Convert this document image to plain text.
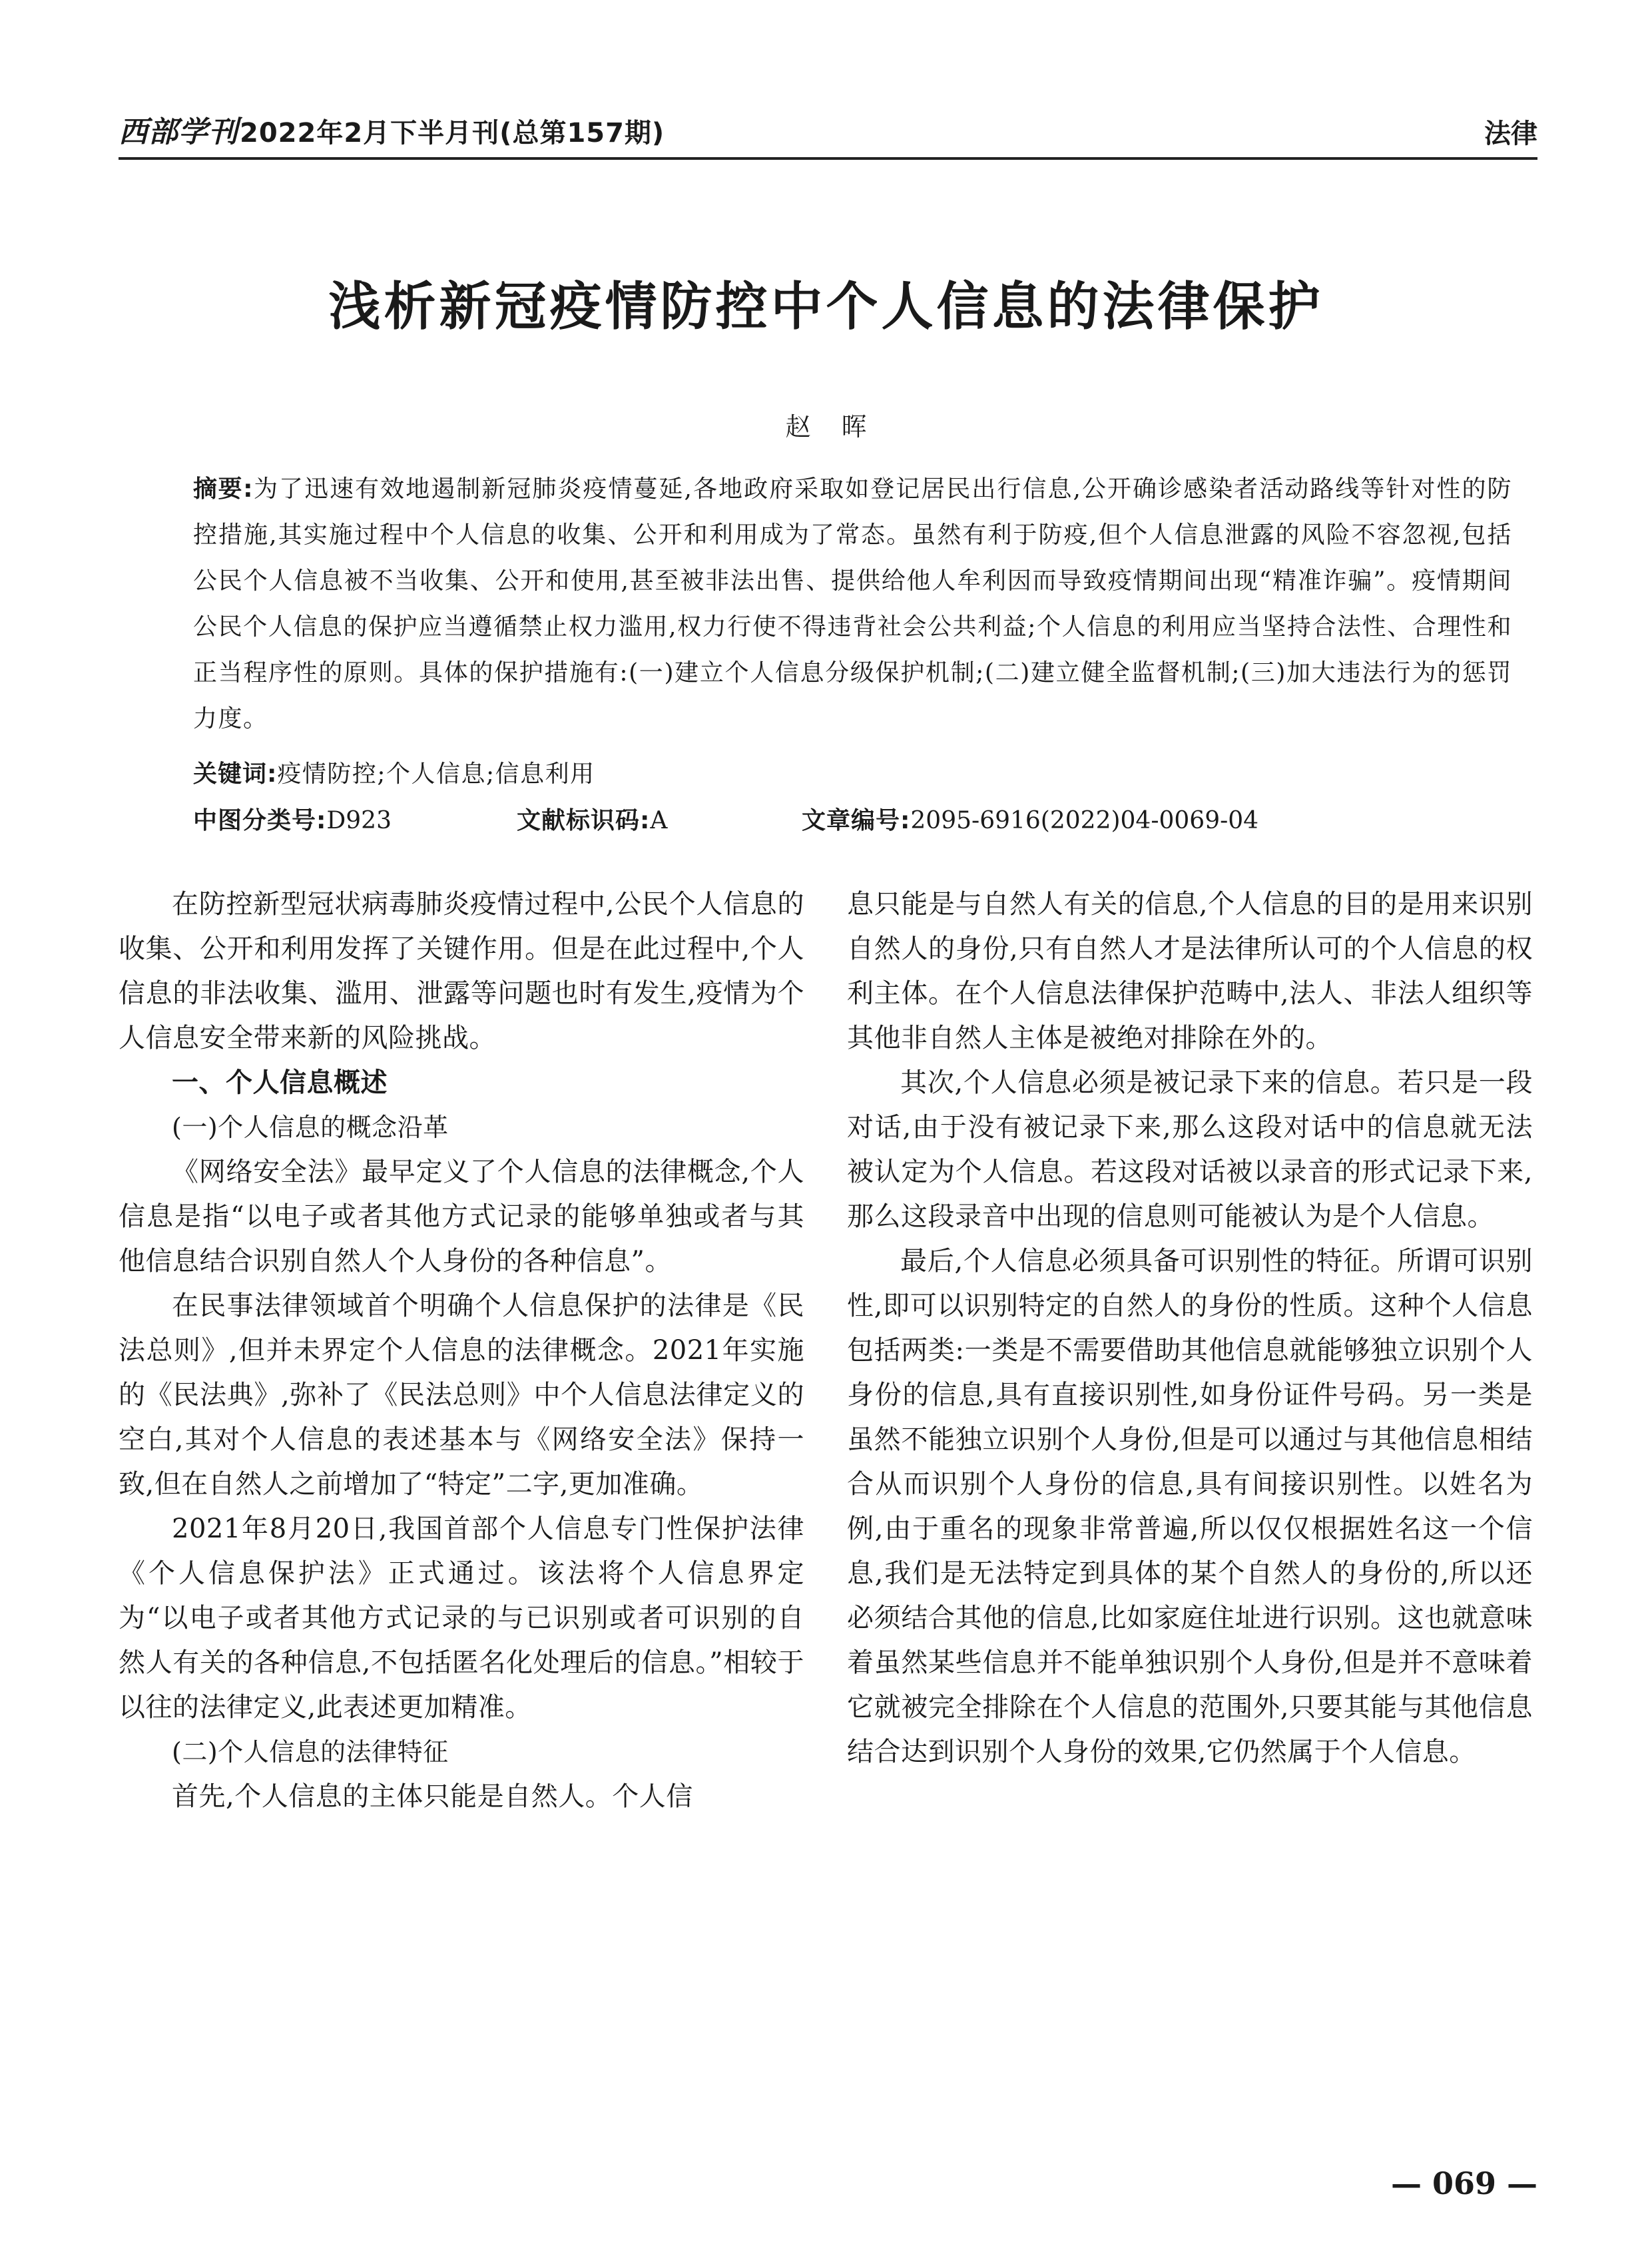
西部学刊2022年2月下半月刊(总第157期)	法律
浅析新冠疫情防控中个人信息的法律保护
赵晖
摘要:为了迅速有效地遏制新冠肺炎疫情蔓延,各地政府采取如登记居民出行信息,公开确诊感染者活动路线等针对性的防控措施,其实施过程中个人信息的收集、公开和利用成为了常态。虽然有利于防疫,但个人信息泄露的风险不容忽视,包括公民个人信息被不当收集、公开和使用,甚至被非法出售、提供给他人牟利因而导致疫情期间出现“精准诈骗”。疫情期间公民个人信息的保护应当遵循禁止权力滥用,权力行使不得违背社会公共利益;个人信息的利用应当坚持合法性、合理性和正当程序性的原则。具体的保护措施有:(一)建立个人信息分级保护机制;(二)建立健全监督机制;(三)加大违法行为的惩罚力度。
关键词:疫情防控;个人信息;信息利用
中图分类号:D923	文献标识码:A	文章编号:2095-6916(2022)04-0069-04

在防控新型冠状病毒肺炎疫情过程中,公民个人信息的收集、公开和利用发挥了关键作用。但是在此过程中,个人信息的非法收集、滥用、泄露等问题也时有发生,疫情为个人信息安全带来新的风险挑战。

一、个人信息概述

(一)个人信息的概念沿革

《网络安全法》最早定义了个人信息的法律概念,个人信息是指“以电子或者其他方式记录的能够单独或者与其他信息结合识别自然人个人身份的各种信息”。

在民事法律领域首个明确个人信息保护的法律是《民法总则》,但并未界定个人信息的法律概念。2021年实施的《民法典》,弥补了《民法总则》中个人信息法律定义的空白,其对个人信息的表述基本与《网络安全法》保持一致,但在自然人之前增加了“特定”二字,更加准确。

2021年8月20日,我国首部个人信息专门性保护法律《个人信息保护法》正式通过。该法将个人信息界定为“以电子或者其他方式记录的与已识别或者可识别的自然人有关的各种信息,不包括匿名化处理后的信息。”相较于以往的法律定义,此表述更加精准。

(二)个人信息的法律特征

首先,个人信息的主体只能是自然人。个人信

息只能是与自然人有关的信息,个人信息的目的是用来识别自然人的身份,只有自然人才是法律所认可的个人信息的权利主体。在个人信息法律保护范畴中,法人、非法人组织等其他非自然人主体是被绝对排除在外的。

其次,个人信息必须是被记录下来的信息。若只是一段对话,由于没有被记录下来,那么这段对话中的信息就无法被认定为个人信息。若这段对话被以录音的形式记录下来,那么这段录音中出现的信息则可能被认为是个人信息。

最后,个人信息必须具备可识别性的特征。所谓可识别性,即可以识别特定的自然人的身份的性质。这种个人信息包括两类:一类是不需要借助其他信息就能够独立识别个人身份的信息,具有直接识别性,如身份证件号码。另一类是虽然不能独立识别个人身份,但是可以通过与其他信息相结合从而识别个人身份的信息,具有间接识别性。以姓名为例,由于重名的现象非常普遍,所以仅仅根据姓名这一个信息,我们是无法特定到具体的某个自然人的身份的,所以还必须结合其他的信息,比如家庭住址进行识别。这也就意味着虽然某些信息并不能单独识别个人身份,但是并不意味着它就被完全排除在个人信息的范围外,只要其能与其他信息结合达到识别个人身份的效果,它仍然属于个人信息。

— 069 —
